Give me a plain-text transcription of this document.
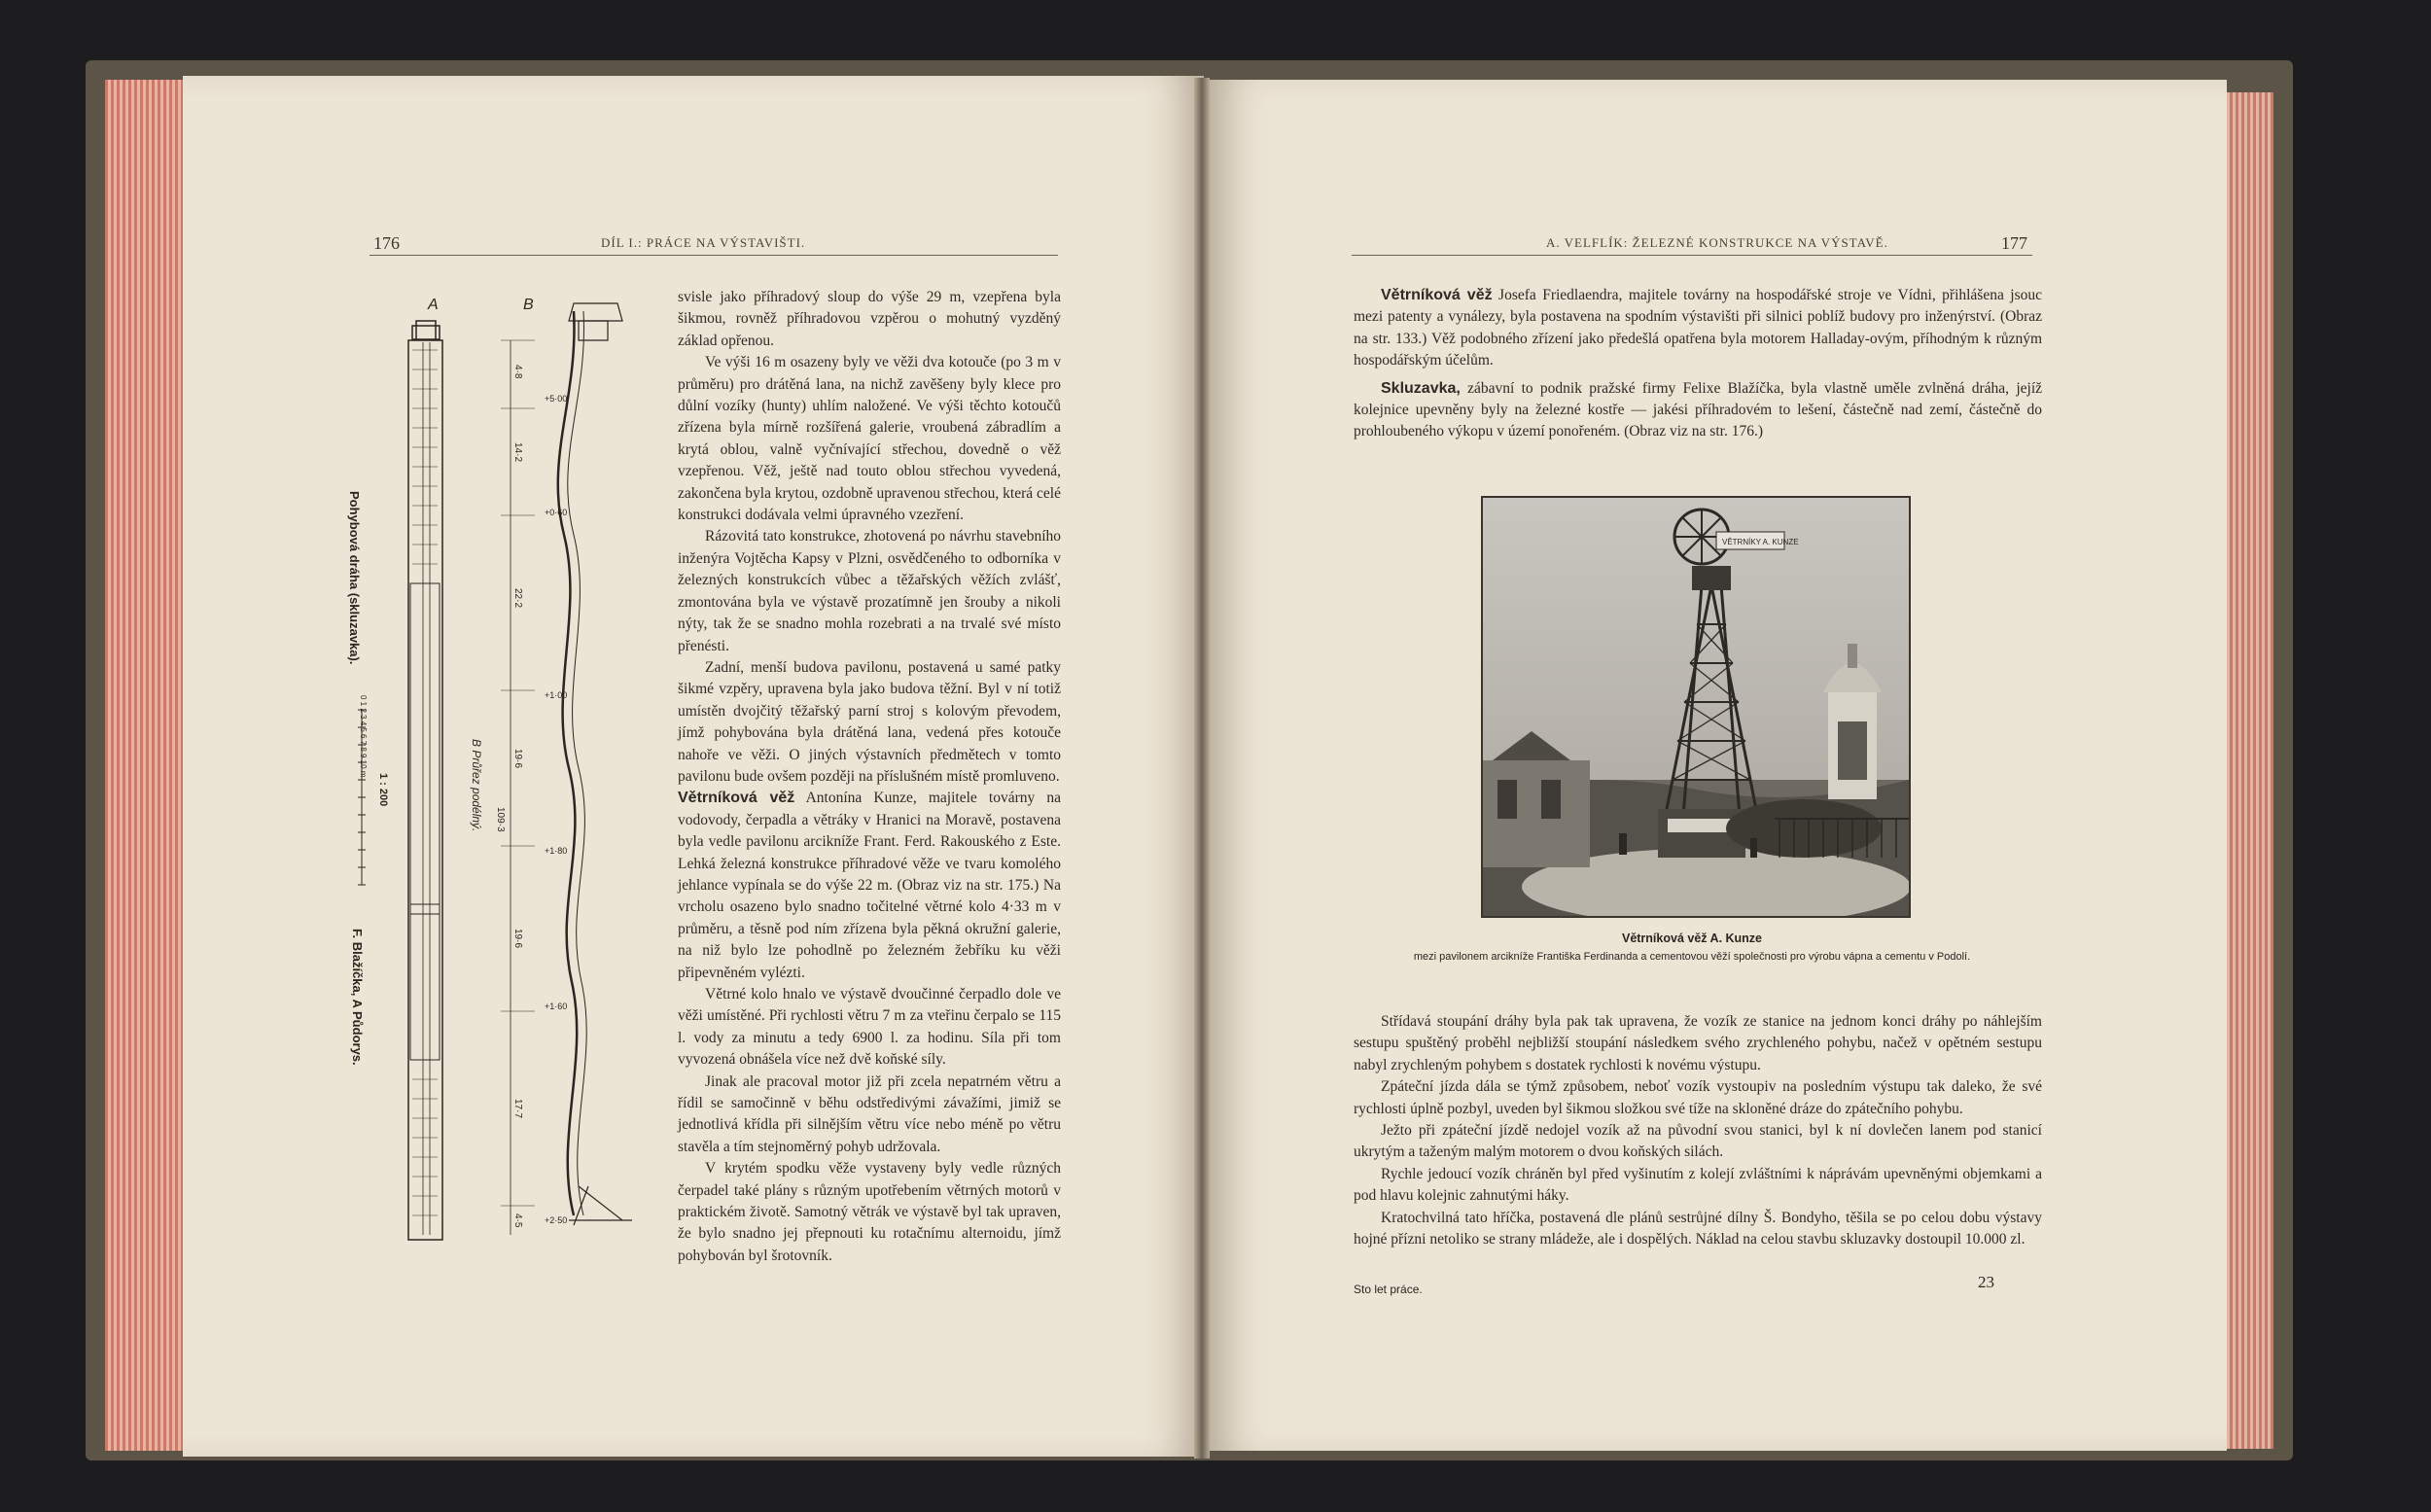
176	DÍL I.: PRÁCE NA VÝSTAVIŠTI.
A	B
Pohybová dráha (skluzavka).
1 : 200
F. Blažíčka, A Půdorys.
B Průřez podélný.
4·8
14·2
22·2
19·6
109·3
19·6
17·7
4·5
+5·00
+0·60
+1·80
+1·00
+1·60
+2·50
0 1 2 3 4 5 6 7 8 9 10 m

svisle jako příhradový sloup do výše 29 m, vzepřena byla šikmou, rovněž příhradovou vzpěrou o mohutný vyzděný základ opřenou.

Ve výši 16 m osazeny byly ve věži dva kotouče (po 3 m v průměru) pro drátěná lana, na nichž zavěšeny byly klece pro důlní vozíky (hunty) uhlím naložené. Ve výši těchto kotoučů zřízena byla mírně rozšířená galerie, vroubená zábradlím a krytá oblou, valně vyčnívající střechou, dovedně o věž vzepřenou. Věž, ještě nad touto oblou střechou vyvedená, zakončena byla krytou, ozdobně upravenou střechou, která celé konstrukci dodávala velmi úpravného vzezření.

Rázovitá tato konstrukce, zhotovená po návrhu stavebního inženýra Vojtěcha Kapsy v Plzni, osvědčeného to odborníka v železných konstrukcích vůbec a těžařských věžích zvlášť, zmontována byla ve výstavě prozatímně jen šrouby a nikoli nýty, tak že se snadno mohla rozebrati a na trvalé své místo přenésti.

Zadní, menší budova pavilonu, postavená u samé patky šikmé vzpěry, upravena byla jako budova těžní. Byl v ní totiž umístěn dvojčitý těžařský parní stroj s kolovým převodem, jímž pohybována byla drátěná lana, vedená přes kotouče nahoře ve věži. O jiných výstavních předmětech v tomto pavilonu bude ovšem později na příslušném místě promluveno.

Větrníková věž Antonína Kunze, majitele továrny na vodovody, čerpadla a větráky v Hranici na Moravě, postavena byla vedle pavilonu arcikníže Frant. Ferd. Rakouského z Este. Lehká železná konstrukce příhradové věže ve tvaru komolého jehlance vypínala se do výše 22 m. (Obraz viz na str. 175.) Na vrcholu osazeno bylo snadno točitelné větrné kolo 4·33 m v průměru, a těsně pod ním zřízena byla pěkná okružní galerie, na niž bylo lze pohodlně po železném žebříku ku věži připevněném vylézti.

Větrné kolo hnalo ve výstavě dvoučinné čerpadlo dole ve věži umístěné. Při rychlosti větru 7 m za vteřinu čerpalo se 115 l. vody za minutu a tedy 6900 l. za hodinu. Síla při tom vyvozená obnášela více než dvě koňské síly.

Jinak ale pracoval motor již při zcela nepatrném větru a řídil se samočinně v běhu odstředivými závažími, jimiž se jednotlivá křídla při silnějším větru více nebo méně po větru stavěla a tím stejnoměrný pohyb udržovala.

V krytém spodku věže vystaveny byly vedle různých čerpadel také plány s různým upotřebením větrných motorů v praktickém životě. Samotný větrák ve výstavě byl tak upraven, že bylo snadno jej přepnouti ku rotačnímu alternoidu, jímž pohybován byl šrotovník.

A. VELFLÍK: ŽELEZNÉ KONSTRUKCE NA VÝSTAVĚ.	177

Větrníková věž Josefa Friedlaendra, majitele továrny na hospodářské stroje ve Vídni, přihlášena jsouc mezi patenty a vynálezy, byla postavena na spodním výstavišti při silnici poblíž budovy pro inženýrství. (Obraz na str. 133.) Věž podobného zřízení jako předešlá opatřena byla motorem Halladay-ovým, příhodným k různým hospodářským účelům.

Skluzavka, zábavní to podnik pražské firmy Felixe Blažíčka, byla vlastně uměle zvlněná dráha, jejíž kolejnice upevněny byly na železné kostře — jakési příhradovém to lešení, částečně nad zemí, částečně do prohloubeného výkopu v území ponořeném. (Obraz viz na str. 176.)

VĚTRNÍKY A. KUNZE
Větrníková věž A. Kunze
mezi pavilonem arcikníže Františka Ferdinanda a cementovou věží společnosti pro výrobu vápna a cementu v Podolí.

Střídavá stoupání dráhy byla pak tak upravena, že vozík ze stanice na jednom konci dráhy po náhlejším sestupu spuštěný proběhl nejbližší stoupání následkem svého zrychleného pohybu, načež v opětném sestupu nabyl zrychleným pohybem s dostatek rychlosti k novému výstupu.

Zpáteční jízda dála se týmž způsobem, neboť vozík vystoupiv na posledním výstupu tak daleko, že své rychlosti úplně pozbyl, uveden byl šikmou složkou své tíže na skloněné dráze do zpátečního pohybu.

Ježto při zpáteční jízdě nedojel vozík až na původní svou stanici, byl k ní dovlečen lanem pod stanicí ukrytým a taženým malým motorem o dvou koňských silách.

Rychle jedoucí vozík chráněn byl před vyšinutím z kolejí zvláštními k náprávám upevněnými objemkami a pod hlavu kolejnic zahnutými háky.

Kratochvilná tato hříčka, postavená dle plánů sestrůjné dílny Š. Bondyho, těšila se po celou dobu výstavy hojné přízni netoliko se strany mládeže, ale i dospělých. Náklad na celou stavbu skluzavky dostoupil 10.000 zl.

Sto let práce.	23
